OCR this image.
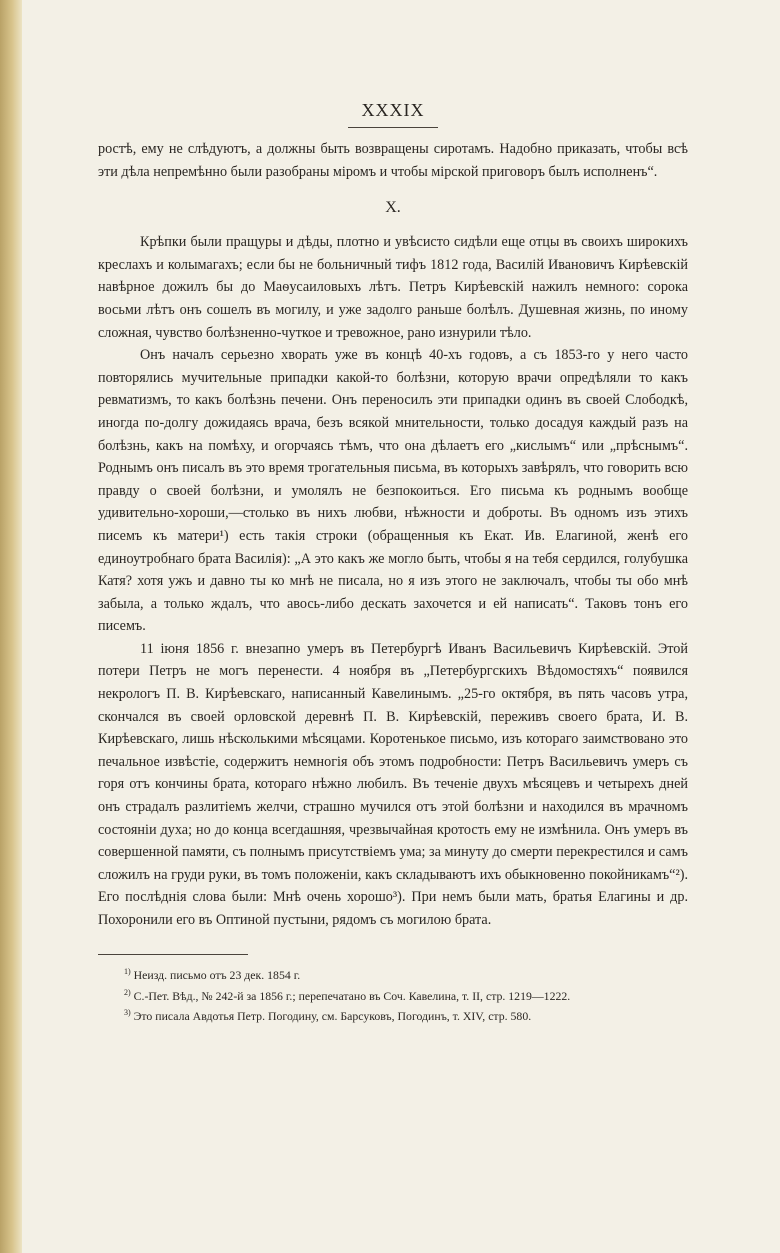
XXXIX

ростѣ, ему не слѣдуютъ, а должны быть возвращены сиротамъ. Надобно приказать, чтобы всѣ эти дѣла непремѣнно были разобраны мiромъ и чтобы мiрской приговоръ былъ исполненъ“.

X.

Крѣпки были пращуры и дѣды, плотно и увѣсисто сидѣли еще отцы въ своихъ широкихъ креслахъ и колымагахъ; если бы не больничный тифъ 1812 года, Василiй Ивановичъ Кирѣевскiй навѣрное дожилъ бы до Маѳусаиловыхъ лѣтъ. Петръ Кирѣевскiй нажилъ немного: сорока восьми лѣтъ онъ сошелъ въ могилу, и уже задолго раньше болѣлъ. Душевная жизнь, по иному сложная, чувство болѣзненно-чуткое и тревожное, рано изнурили тѣло.

Онъ началъ серьезно хворать уже въ концѣ 40-хъ годовъ, а съ 1853-го у него часто повторялись мучительные припадки какой-то болѣзни, которую врачи опредѣляли то какъ ревматизмъ, то какъ болѣзнь печени. Онъ переносилъ эти припадки одинъ въ своей Слободкѣ, иногда по-долгу дожидаясь врача, безъ всякой мнительности, только досадуя каждый разъ на болѣзнь, какъ на помѣху, и огорчаясь тѣмъ, что она дѣлаетъ его „кислымъ“ или „прѣснымъ“. Роднымъ онъ писалъ въ это время трогательныя письма, въ которыхъ завѣрялъ, что говорить всю правду о своей болѣзни, и умолялъ не безпокоиться. Его письма къ роднымъ вообще удивительно-хороши,—столько въ нихъ любви, нѣжности и доброты. Въ одномъ изъ этихъ писемъ къ матери¹) есть такiя строки (обращенныя къ Екат. Ив. Елагиной, женѣ его единоутробнаго брата Василiя): „А это какъ же могло быть, чтобы я на тебя сердился, голубушка Катя? хотя ужъ и давно ты ко мнѣ не писала, но я изъ этого не заключалъ, чтобы ты обо мнѣ забыла, а только ждалъ, что авось-либо дескать захочется и ей написать“. Таковъ тонъ его писемъ.

11 iюня 1856 г. внезапно умеръ въ Петербургѣ Иванъ Васильевичъ Кирѣевскiй. Этой потери Петръ не могъ перенести. 4 ноября въ „Петербургскихъ Вѣдомостяхъ“ появился некрологъ П. В. Кирѣевскаго, написанный Кавелинымъ. „25-го октября, въ пять часовъ утра, скончался въ своей орловской деревнѣ П. В. Кирѣевскiй, переживъ своего брата, И. В. Кирѣевскаго, лишь нѣсколькими мѣсяцами. Коротенькое письмо, изъ котораго заимствовано это печальное извѣстiе, содержитъ немногiя объ этомъ подробности: Петръ Васильевичъ умеръ съ горя отъ кончины брата, котораго нѣжно любилъ. Въ теченiе двухъ мѣсяцевъ и четырехъ дней онъ страдалъ разлитiемъ желчи, страшно мучился отъ этой болѣзни и находился въ мрачномъ состоянiи духа; но до конца всегдашняя, чрезвычайная кротость ему не измѣнила. Онъ умеръ въ совершенной памяти, съ полнымъ присутствiемъ ума; за минуту до смерти перекрестился и самъ сложилъ на груди руки, въ томъ положенiи, какъ складываютъ ихъ обыкновенно покойникамъ“²). Его послѣднiя слова были: Мнѣ очень хорошо³). При немъ были мать, братья Елагины и др. Похоронили его въ Оптиной пустыни, рядомъ съ могилою брата.

$^{1)}$ Неизд. письмо отъ 23 дек. 1854 г.

$^{2)}$ С.-Пет. Вѣд., № 242-й за 1856 г.; перепечатано въ Соч. Кавелина, т. II, стр. 1219—1222.

$^{3)}$ Это писала Авдотья Петр. Погодину, см. Барсуковъ, Погодинъ, т. XIV, стр. 580.
